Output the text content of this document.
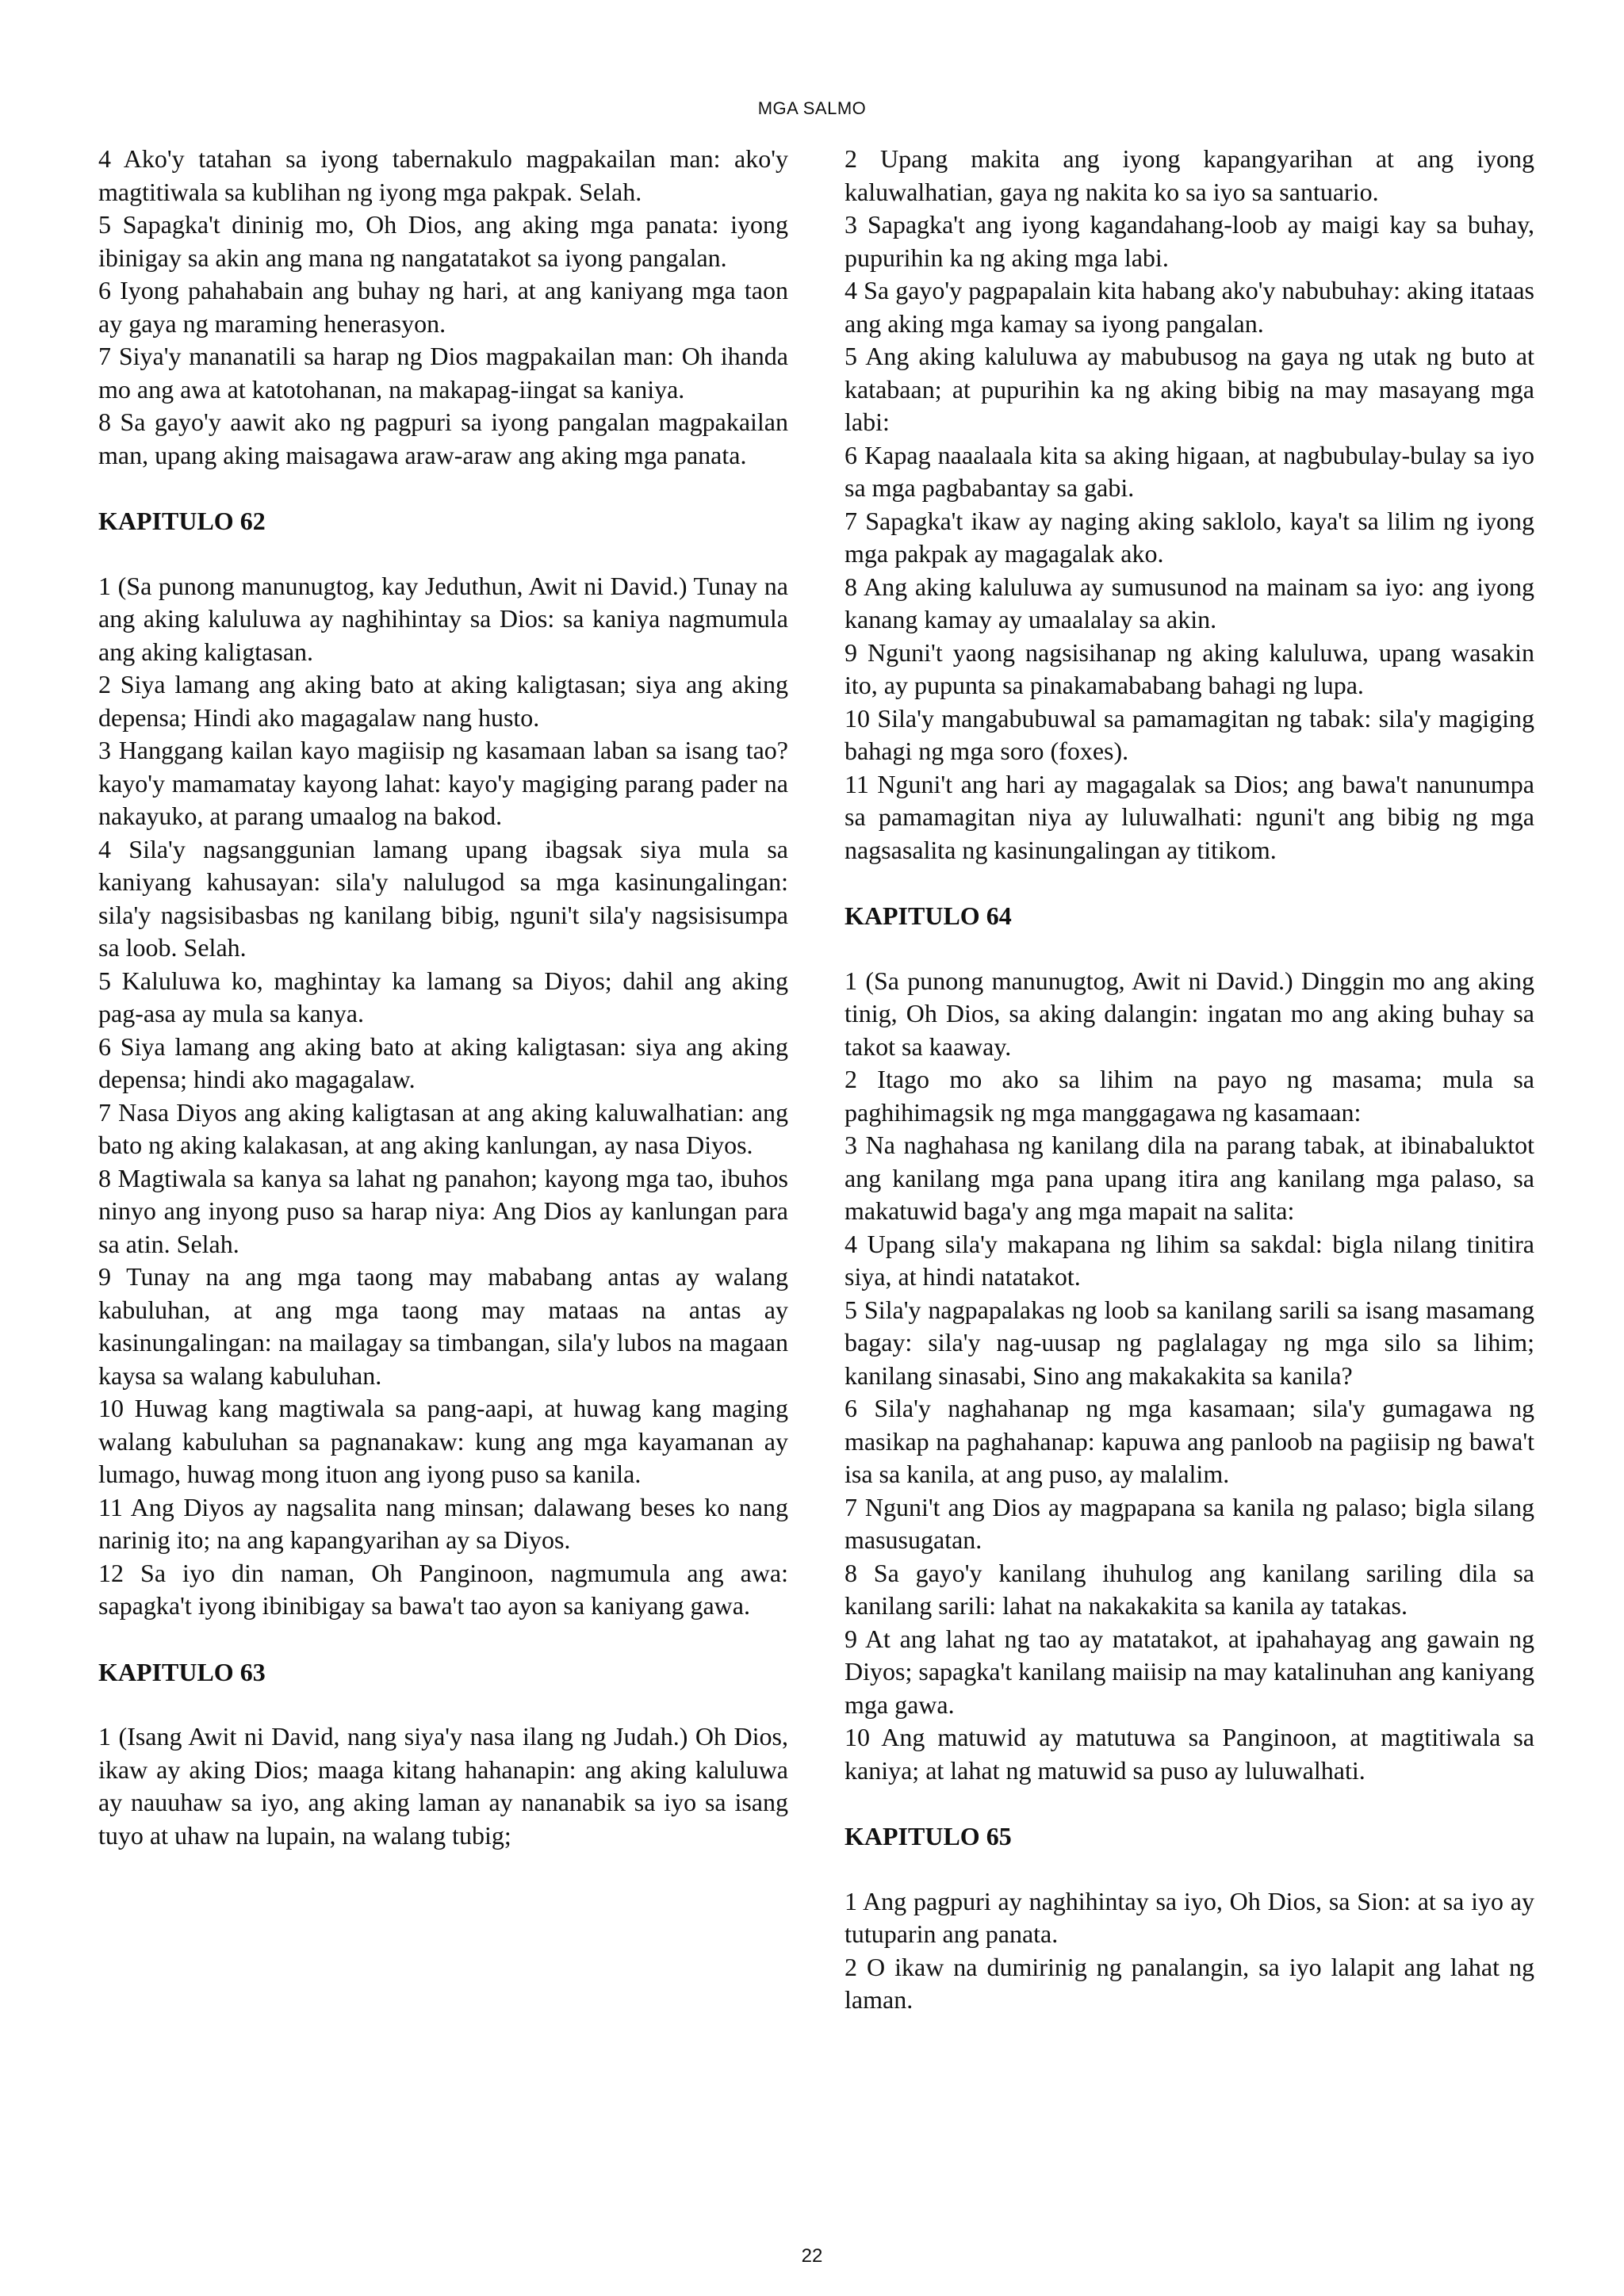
MGA SALMO

4 Ako'y tatahan sa iyong tabernakulo magpakailan man: ako'y magtitiwala sa kublihan ng iyong mga pakpak. Selah.

5 Sapagka't dininig mo, Oh Dios, ang aking mga panata: iyong ibinigay sa akin ang mana ng nangatatakot sa iyong pangalan.

6 Iyong pahahabain ang buhay ng hari, at ang kaniyang mga taon ay gaya ng maraming henerasyon.

7 Siya'y mananatili sa harap ng Dios magpakailan man: Oh ihanda mo ang awa at katotohanan, na makapag-iingat sa kaniya.

8 Sa gayo'y aawit ako ng pagpuri sa iyong pangalan magpakailan man, upang aking maisagawa araw-araw ang aking mga panata.

KAPITULO 62

1 (Sa punong manunugtog, kay Jeduthun, Awit ni David.) Tunay na ang aking kaluluwa ay naghihintay sa Dios: sa kaniya nagmumula ang aking kaligtasan.

2 Siya lamang ang aking bato at aking kaligtasan; siya ang aking depensa; Hindi ako magagalaw nang husto.

3 Hanggang kailan kayo magiisip ng kasamaan laban sa isang tao? kayo'y mamamatay kayong lahat: kayo'y magiging parang pader na nakayuko, at parang umaalog na bakod.

4 Sila'y nagsanggunian lamang upang ibagsak siya mula sa kaniyang kahusayan: sila'y nalulugod sa mga kasinungalingan: sila'y nagsisibasbas ng kanilang bibig, nguni't sila'y nagsisisumpa sa loob. Selah.

5 Kaluluwa ko, maghintay ka lamang sa Diyos; dahil ang aking pag-asa ay mula sa kanya.

6 Siya lamang ang aking bato at aking kaligtasan: siya ang aking depensa; hindi ako magagalaw.

7 Nasa Diyos ang aking kaligtasan at ang aking kaluwalhatian: ang bato ng aking kalakasan, at ang aking kanlungan, ay nasa Diyos.

8 Magtiwala sa kanya sa lahat ng panahon; kayong mga tao, ibuhos ninyo ang inyong puso sa harap niya: Ang Dios ay kanlungan para sa atin. Selah.

9 Tunay na ang mga taong may mababang antas ay walang kabuluhan, at ang mga taong may mataas na antas ay kasinungalingan: na mailagay sa timbangan, sila'y lubos na magaan kaysa sa walang kabuluhan.

10 Huwag kang magtiwala sa pang-aapi, at huwag kang maging walang kabuluhan sa pagnanakaw: kung ang mga kayamanan ay lumago, huwag mong ituon ang iyong puso sa kanila.

11 Ang Diyos ay nagsalita nang minsan; dalawang beses ko nang narinig ito; na ang kapangyarihan ay sa Diyos.

12 Sa iyo din naman, Oh Panginoon, nagmumula ang awa: sapagka't iyong ibinibigay sa bawa't tao ayon sa kaniyang gawa.

KAPITULO 63

1 (Isang Awit ni David, nang siya'y nasa ilang ng Judah.) Oh Dios, ikaw ay aking Dios; maaga kitang hahanapin: ang aking kaluluwa ay nauuhaw sa iyo, ang aking laman ay nananabik sa iyo sa isang tuyo at uhaw na lupain, na walang tubig;

2 Upang makita ang iyong kapangyarihan at ang iyong kaluwalhatian, gaya ng nakita ko sa iyo sa santuario.

3 Sapagka't ang iyong kagandahang-loob ay maigi kay sa buhay, pupurihin ka ng aking mga labi.

4 Sa gayo'y pagpapalain kita habang ako'y nabubuhay: aking itataas ang aking mga kamay sa iyong pangalan.

5 Ang aking kaluluwa ay mabubusog na gaya ng utak ng buto at katabaan; at pupurihin ka ng aking bibig na may masayang mga labi:

6 Kapag naaalaala kita sa aking higaan, at nagbubulay-bulay sa iyo sa mga pagbabantay sa gabi.

7 Sapagka't ikaw ay naging aking saklolo, kaya't sa lilim ng iyong mga pakpak ay magagalak ako.

8 Ang aking kaluluwa ay sumusunod na mainam sa iyo: ang iyong kanang kamay ay umaalalay sa akin.

9 Nguni't yaong nagsisihanap ng aking kaluluwa, upang wasakin ito, ay pupunta sa pinakamababang bahagi ng lupa.

10 Sila'y mangabubuwal sa pamamagitan ng tabak: sila'y magiging bahagi ng mga soro (foxes).

11 Nguni't ang hari ay magagalak sa Dios; ang bawa't nanunumpa sa pamamagitan niya ay luluwalhati: nguni't ang bibig ng mga nagsasalita ng kasinungalingan ay titikom.

KAPITULO 64

1 (Sa punong manunugtog, Awit ni David.) Dinggin mo ang aking tinig, Oh Dios, sa aking dalangin: ingatan mo ang aking buhay sa takot sa kaaway.

2 Itago mo ako sa lihim na payo ng masama; mula sa paghihimagsik ng mga manggagawa ng kasamaan:

3 Na naghahasa ng kanilang dila na parang tabak, at ibinabaluktot ang kanilang mga pana upang itira ang kanilang mga palaso, sa makatuwid baga'y ang mga mapait na salita:

4 Upang sila'y makapana ng lihim sa sakdal: bigla nilang tinitira siya, at hindi natatakot.

5 Sila'y nagpapalakas ng loob sa kanilang sarili sa isang masamang bagay: sila'y nag-uusap ng paglalagay ng mga silo sa lihim; kanilang sinasabi, Sino ang makakakita sa kanila?

6 Sila'y naghahanap ng mga kasamaan; sila'y gumagawa ng masikap na paghahanap: kapuwa ang panloob na pagiisip ng bawa't isa sa kanila, at ang puso, ay malalim.

7 Nguni't ang Dios ay magpapana sa kanila ng palaso; bigla silang masusugatan.

8 Sa gayo'y kanilang ihuhulog ang kanilang sariling dila sa kanilang sarili: lahat na nakakakita sa kanila ay tatakas.

9 At ang lahat ng tao ay matatakot, at ipahahayag ang gawain ng Diyos; sapagka't kanilang maiisip na may katalinuhan ang kaniyang mga gawa.

10 Ang matuwid ay matutuwa sa Panginoon, at magtitiwala sa kaniya; at lahat ng matuwid sa puso ay luluwalhati.

KAPITULO 65

1 Ang pagpuri ay naghihintay sa iyo, Oh Dios, sa Sion: at sa iyo ay tutuparin ang panata.

2 O ikaw na dumirinig ng panalangin, sa iyo lalapit ang lahat ng laman.

22
